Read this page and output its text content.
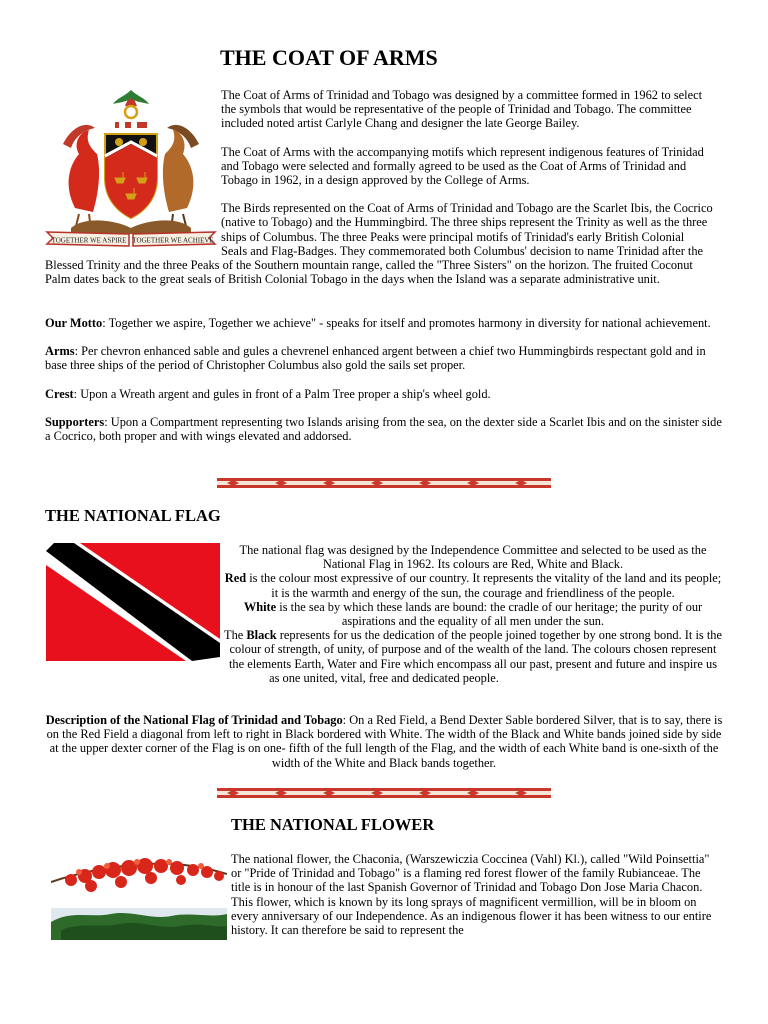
THE COAT OF ARMS
TOGETHER WE ASPIRE TOGETHER WE ACHIEVE

The Coat of Arms of Trinidad and Tobago was designed by a committee formed in 1962 to select the symbols that would be representative of the people of Trinidad and Tobago. The committee included noted artist Carlyle Chang and designer the late George Bailey.

The Coat of Arms with the accompanying motifs which represent indigenous features of Trinidad and Tobago were selected and formally agreed to be used as the Coat of Arms of Trinidad and Tobago in 1962, in a design approved by the College of Arms.

The Birds represented on the Coat of Arms of Trinidad and Tobago are the Scarlet Ibis, the Cocrico (native to Tobago) and the Hummingbird. The three ships represent the Trinity as well as the three ships of Columbus. The three Peaks were principal motifs of Trinidad's early British Colonial Seals and Flag-Badges. They commemorated both Columbus' decision to name Trinidad after the Blessed Trinity and the three Peaks of the Southern mountain range, called the "Three Sisters" on the horizon. The fruited Coconut Palm dates back to the great seals of British Colonial Tobago in the days when the Island was a separate administrative unit.

Our Motto: Together we aspire, Together we achieve" - speaks for itself and promotes harmony in diversity for national achievement.

Arms: Per chevron enhanced sable and gules a chevrenel enhanced argent between a chief two Hummingbirds respectant gold and in base three ships of the period of Christopher Columbus also gold the sails set proper.

Crest: Upon a Wreath argent and gules in front of a Palm Tree proper a ship's wheel gold.

Supporters: Upon a Compartment representing two Islands arising from the sea, on the dexter side a Scarlet Ibis and on the sinister side a Cocrico, both proper and with wings elevated and addorsed.

THE NATIONAL FLAG

The national flag was designed by the Independence Committee and selected to be used as the National Flag in 1962. Its colours are Red, White and Black.

Red is the colour most expressive of our country. It represents the vitality of the land and its people; it is the warmth and energy of the sun, the courage and friendliness of the people.

White is the sea by which these lands are bound: the cradle of our heritage; the purity of our aspirations and the equality of all men under the sun.

The Black represents for us the dedication of the people joined together by one strong bond. It is the colour of strength, of unity, of purpose and of the wealth of the land. The colours chosen represent the elements Earth, Water and Fire which encompass all our past, present and future and inspire us as one united, vital, free and dedicated people.

Description of the National Flag of Trinidad and Tobago: On a Red Field, a Bend Dexter Sable bordered Silver, that is to say, there is on the Red Field a diagonal from left to right in Black bordered with White. The width of the Black and White bands joined side by side at the upper dexter corner of the Flag is on one- fifth of the full length of the Flag, and the width of each White band is one-sixth of the width of the White and Black bands together.

THE NATIONAL FLOWER

The national flower, the Chaconia, (Warszewiczia Coccinea (Vahl) Kl.), called "Wild Poinsettia" or "Pride of Trinidad and Tobago" is a flaming red forest flower of the family Rubianceae. The title is in honour of the last Spanish Governor of Trinidad and Tobago Don Jose Maria Chacon. This flower, which is known by its long sprays of magnificent vermillion, will be in bloom on every anniversary of our Independence. As an indigenous flower it has been witness to our entire history. It can therefore be said to represent the
